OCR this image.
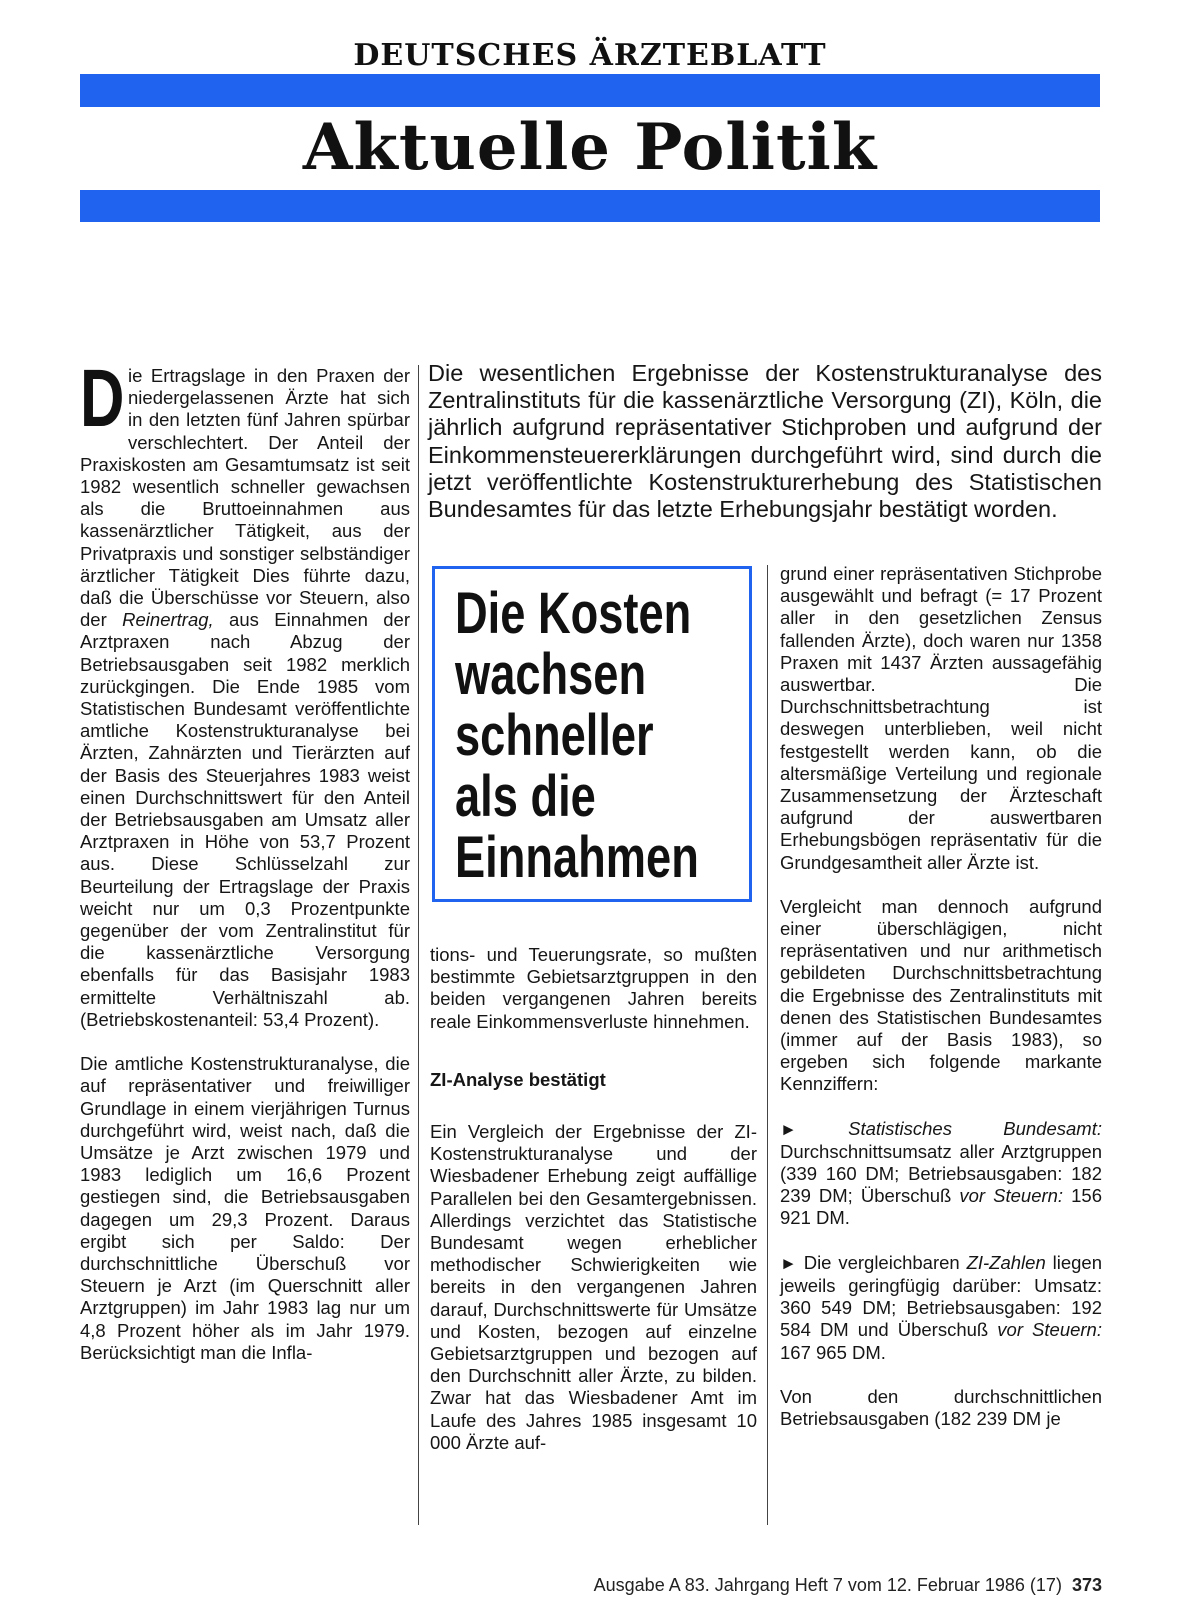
DEUTSCHES ÄRZTEBLATT
Aktuelle Politik

Die Ertragslage in den Praxen der niedergelassenen Ärzte hat sich in den letzten fünf Jahren spürbar verschlechtert. Der Anteil der Praxiskosten am Gesamtumsatz ist seit 1982 wesentlich schneller gewachsen als die Bruttoeinnahmen aus kassenärztlicher Tätigkeit, aus der Privatpraxis und sonstiger selbständiger ärztlicher Tätigkeit Dies führte dazu, daß die Überschüsse vor Steuern, also der Reinertrag, aus Einnahmen der Arztpraxen nach Abzug der Betriebsausgaben seit 1982 merklich zurückgingen. Die Ende 1985 vom Statistischen Bundesamt veröffentlichte amtliche Kostenstrukturanalyse bei Ärzten, Zahnärzten und Tierärzten auf der Basis des Steuerjahres 1983 weist einen Durchschnittswert für den Anteil der Betriebsausgaben am Umsatz aller Arztpraxen in Höhe von 53,7 Prozent aus. Diese Schlüsselzahl zur Beurteilung der Ertragslage der Praxis weicht nur um 0,3 Prozentpunkte gegenüber der vom Zentralinstitut für die kassenärztliche Versorgung ebenfalls für das Basisjahr 1983 ermittelte Verhältniszahl ab. (Betriebskostenanteil: 53,4 Prozent).

Die amtliche Kostenstrukturanalyse, die auf repräsentativer und freiwilliger Grundlage in einem vierjährigen Turnus durchgeführt wird, weist nach, daß die Umsätze je Arzt zwischen 1979 und 1983 lediglich um 16,6 Prozent gestiegen sind, die Betriebsausgaben dagegen um 29,3 Prozent. Daraus ergibt sich per Saldo: Der durchschnittliche Überschuß vor Steuern je Arzt (im Querschnitt aller Arztgruppen) im Jahr 1983 lag nur um 4,8 Prozent höher als im Jahr 1979. Berücksichtigt man die Infla-

Die wesentlichen Ergebnisse der Kostenstrukturanalyse des Zentralinstituts für die kassenärztliche Versorgung (ZI), Köln, die jährlich aufgrund repräsentativer Stichproben und aufgrund der Einkommensteuererklärungen durchgeführt wird, sind durch die jetzt veröffentlichte Kostenstrukturerhebung des Statistischen Bundesamtes für das letzte Erhebungsjahr bestätigt worden.
Die Kosten
wachsen
schneller
als die
Einnahmen

tions- und Teuerungsrate, so mußten bestimmte Gebietsarztgruppen in den beiden vergangenen Jahren bereits reale Einkommensverluste hinnehmen.

ZI-Analyse bestätigt

Ein Vergleich der Ergebnisse der ZI-Kostenstrukturanalyse und der Wiesbadener Erhebung zeigt auffällige Parallelen bei den Gesamtergebnissen. Allerdings verzichtet das Statistische Bundesamt wegen erheblicher methodischer Schwierigkeiten wie bereits in den vergangenen Jahren darauf, Durchschnittswerte für Umsätze und Kosten, bezogen auf einzelne Gebietsarztgruppen und bezogen auf den Durchschnitt aller Ärzte, zu bilden. Zwar hat das Wiesbadener Amt im Laufe des Jahres 1985 insgesamt 10 000 Ärzte auf-

grund einer repräsentativen Stichprobe ausgewählt und befragt (= 17 Prozent aller in den gesetzlichen Zensus fallenden Ärzte), doch waren nur 1358 Praxen mit 1437 Ärzten aussagefähig auswertbar. Die Durchschnittsbetrachtung ist deswegen unterblieben, weil nicht festgestellt werden kann, ob die altersmäßige Verteilung und regionale Zusammensetzung der Ärzteschaft aufgrund der auswertbaren Erhebungsbögen repräsentativ für die Grundgesamtheit aller Ärzte ist.

Vergleicht man dennoch aufgrund einer überschlägigen, nicht repräsentativen und nur arithmetisch gebildeten Durchschnittsbetrachtung die Ergebnisse des Zentralinstituts mit denen des Statistischen Bundesamtes (immer auf der Basis 1983), so ergeben sich folgende markante Kennziffern:

►	Statistisches Bundesamt: Durchschnittsumsatz aller Arztgruppen (339 160 DM; Betriebsausgaben: 182 239 DM; Überschuß vor Steuern: 156 921 DM.

► Die vergleichbaren ZI-Zahlen liegen jeweils geringfügig darüber: Umsatz: 360 549 DM; Betriebsausgaben: 192 584 DM und Überschuß vor Steuern: 167 965 DM.

Von den durchschnittlichen Betriebsausgaben (182 239 DM je

Ausgabe A 83. Jahrgang Heft 7 vom 12. Februar 1986 (17) 373
